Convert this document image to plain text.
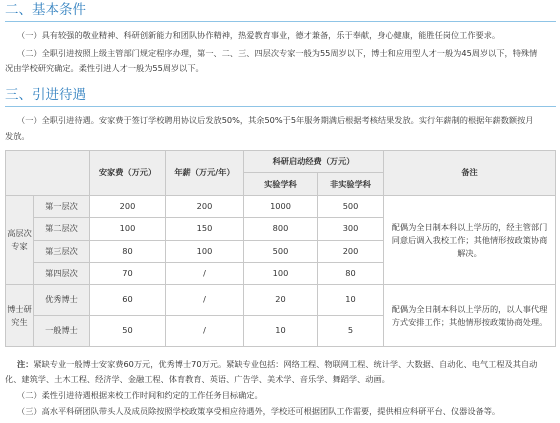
二、基本条件
（一）具有较强的敬业精神、科研创新能力和团队协作精神，热爱教育事业，德才兼备，乐于奉献，身心健康，能胜任岗位工作要求。
（二）全职引进按照上级主管部门规定程序办理，第一、二、三、四层次专家一般为55周岁以下，博士和应用型人才一般为45周岁以下，特殊情
况由学校研究确定。柔性引进人才一般为55周岁以下。
三、引进待遇
（一）全职引进待遇。安家费于签订学校聘用协议后发放50%，其余50%于5年服务期满后根据考核结果发放。实行年薪制的根据年薪数额按月
发放。
		安家费（万元）	年薪（万元/年）	科研启动经费（万元）		备注
				实验学科	非实验学科	
高层次专家	第一层次	200	200	1000	500	配偶为全日制本科以上学历的，经主管部门同意后调入我校工作；其他情形按政策协商解决。
	第二层次	100	150	800	300	
	第三层次	80	100	500	200	
	第四层次	70	/	100	80	
博士研究生	优秀博士	60	/	20	10	配偶为全日制本科以上学历的，以人事代理方式安排工作；其他情形按政策协商处理。
	一般博士	50	/	10	5	
注：紧缺专业一般博士安家费60万元，优秀博士70万元。紧缺专业包括：网络工程、物联网工程、统计学、大数据、自动化、电气工程及其自动
化、建筑学、土木工程、经济学、金融工程、体育教育、英语、广告学、美术学、音乐学、舞蹈学、动画。
（二）柔性引进待遇根据来校工作时间和约定的工作任务目标确定。
（三）高水平科研团队带头人及成员除按照学校政策享受相应待遇外，学校还可根据团队工作需要，提供相应科研平台、仪器设备等。
